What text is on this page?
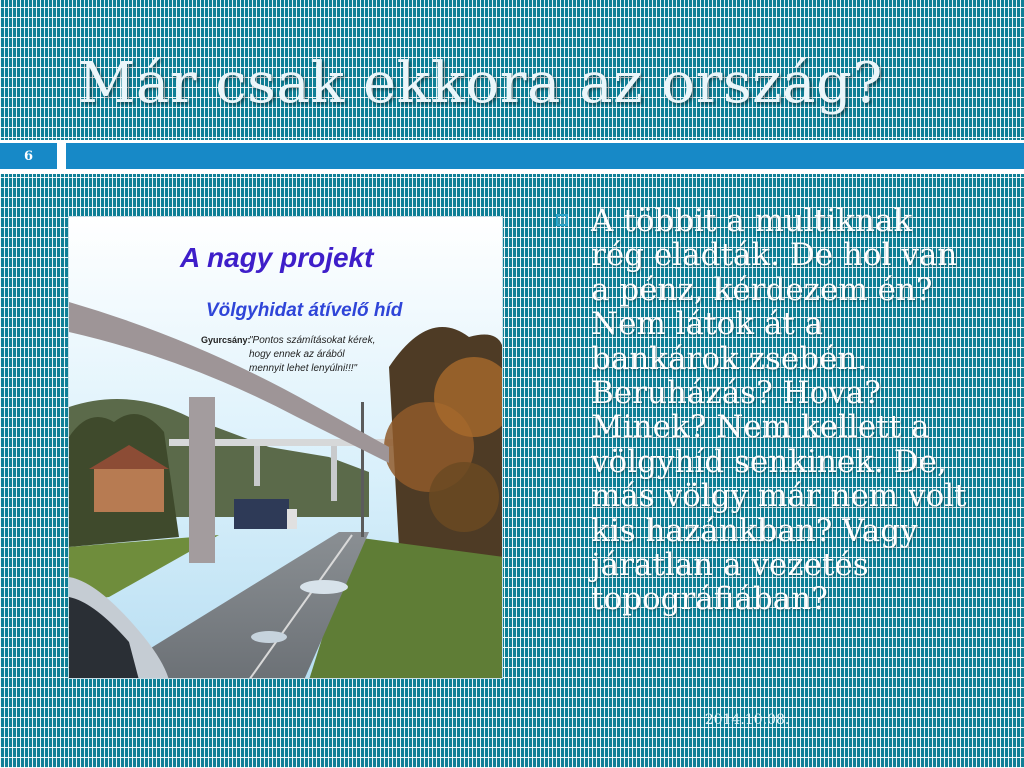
Már csak ekkora az ország?
6
A nagy projekt
Völgyhidat átívelő híd
Gyurcsány:
"Pontos számításokat kérek,
hogy ennek az árából
mennyit lehet lenyúlni!!!"
A többit a multiknak rég eladták. De hol van a pénz, kérdezem én? Nem látok át a bankárok zsebén. Beruházás? Hova? Minek? Nem kellett a völgyhíd senkinek. De, más völgy már nem volt kis hazánkban? Vagy járatlan a vezetés topográfiában?
2014.10.08.
